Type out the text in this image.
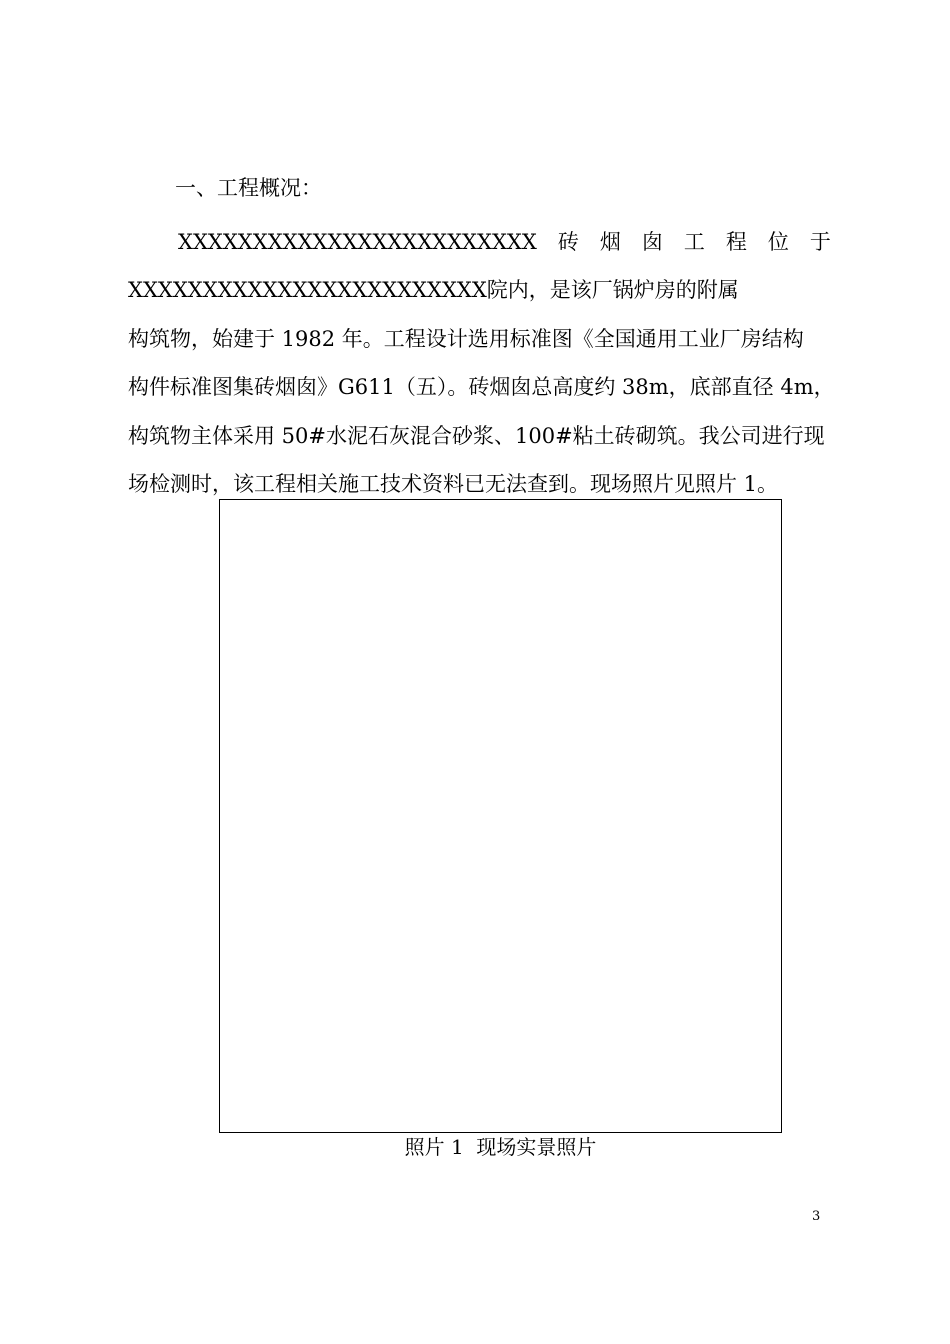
一、工程概况：
XXXXXXXXXXXXXXXXXXXXXXXX 砖 烟 囱 工 程 位 于
XXXXXXXXXXXXXXXXXXXXXXXX院内，是该厂锅炉房的附属
构筑物，始建于 1982 年。工程设计选用标准图《全国通用工业厂房结构
构件标准图集砖烟囱》G611（五）。砖烟囱总高度约 38m，底部直径 4m，
构筑物主体采用 50#水泥石灰混合砂浆、100#粘土砖砌筑。我公司进行现
场检测时，该工程相关施工技术资料已无法查到。现场照片见照片 1。
照片 1  现场实景照片
3
